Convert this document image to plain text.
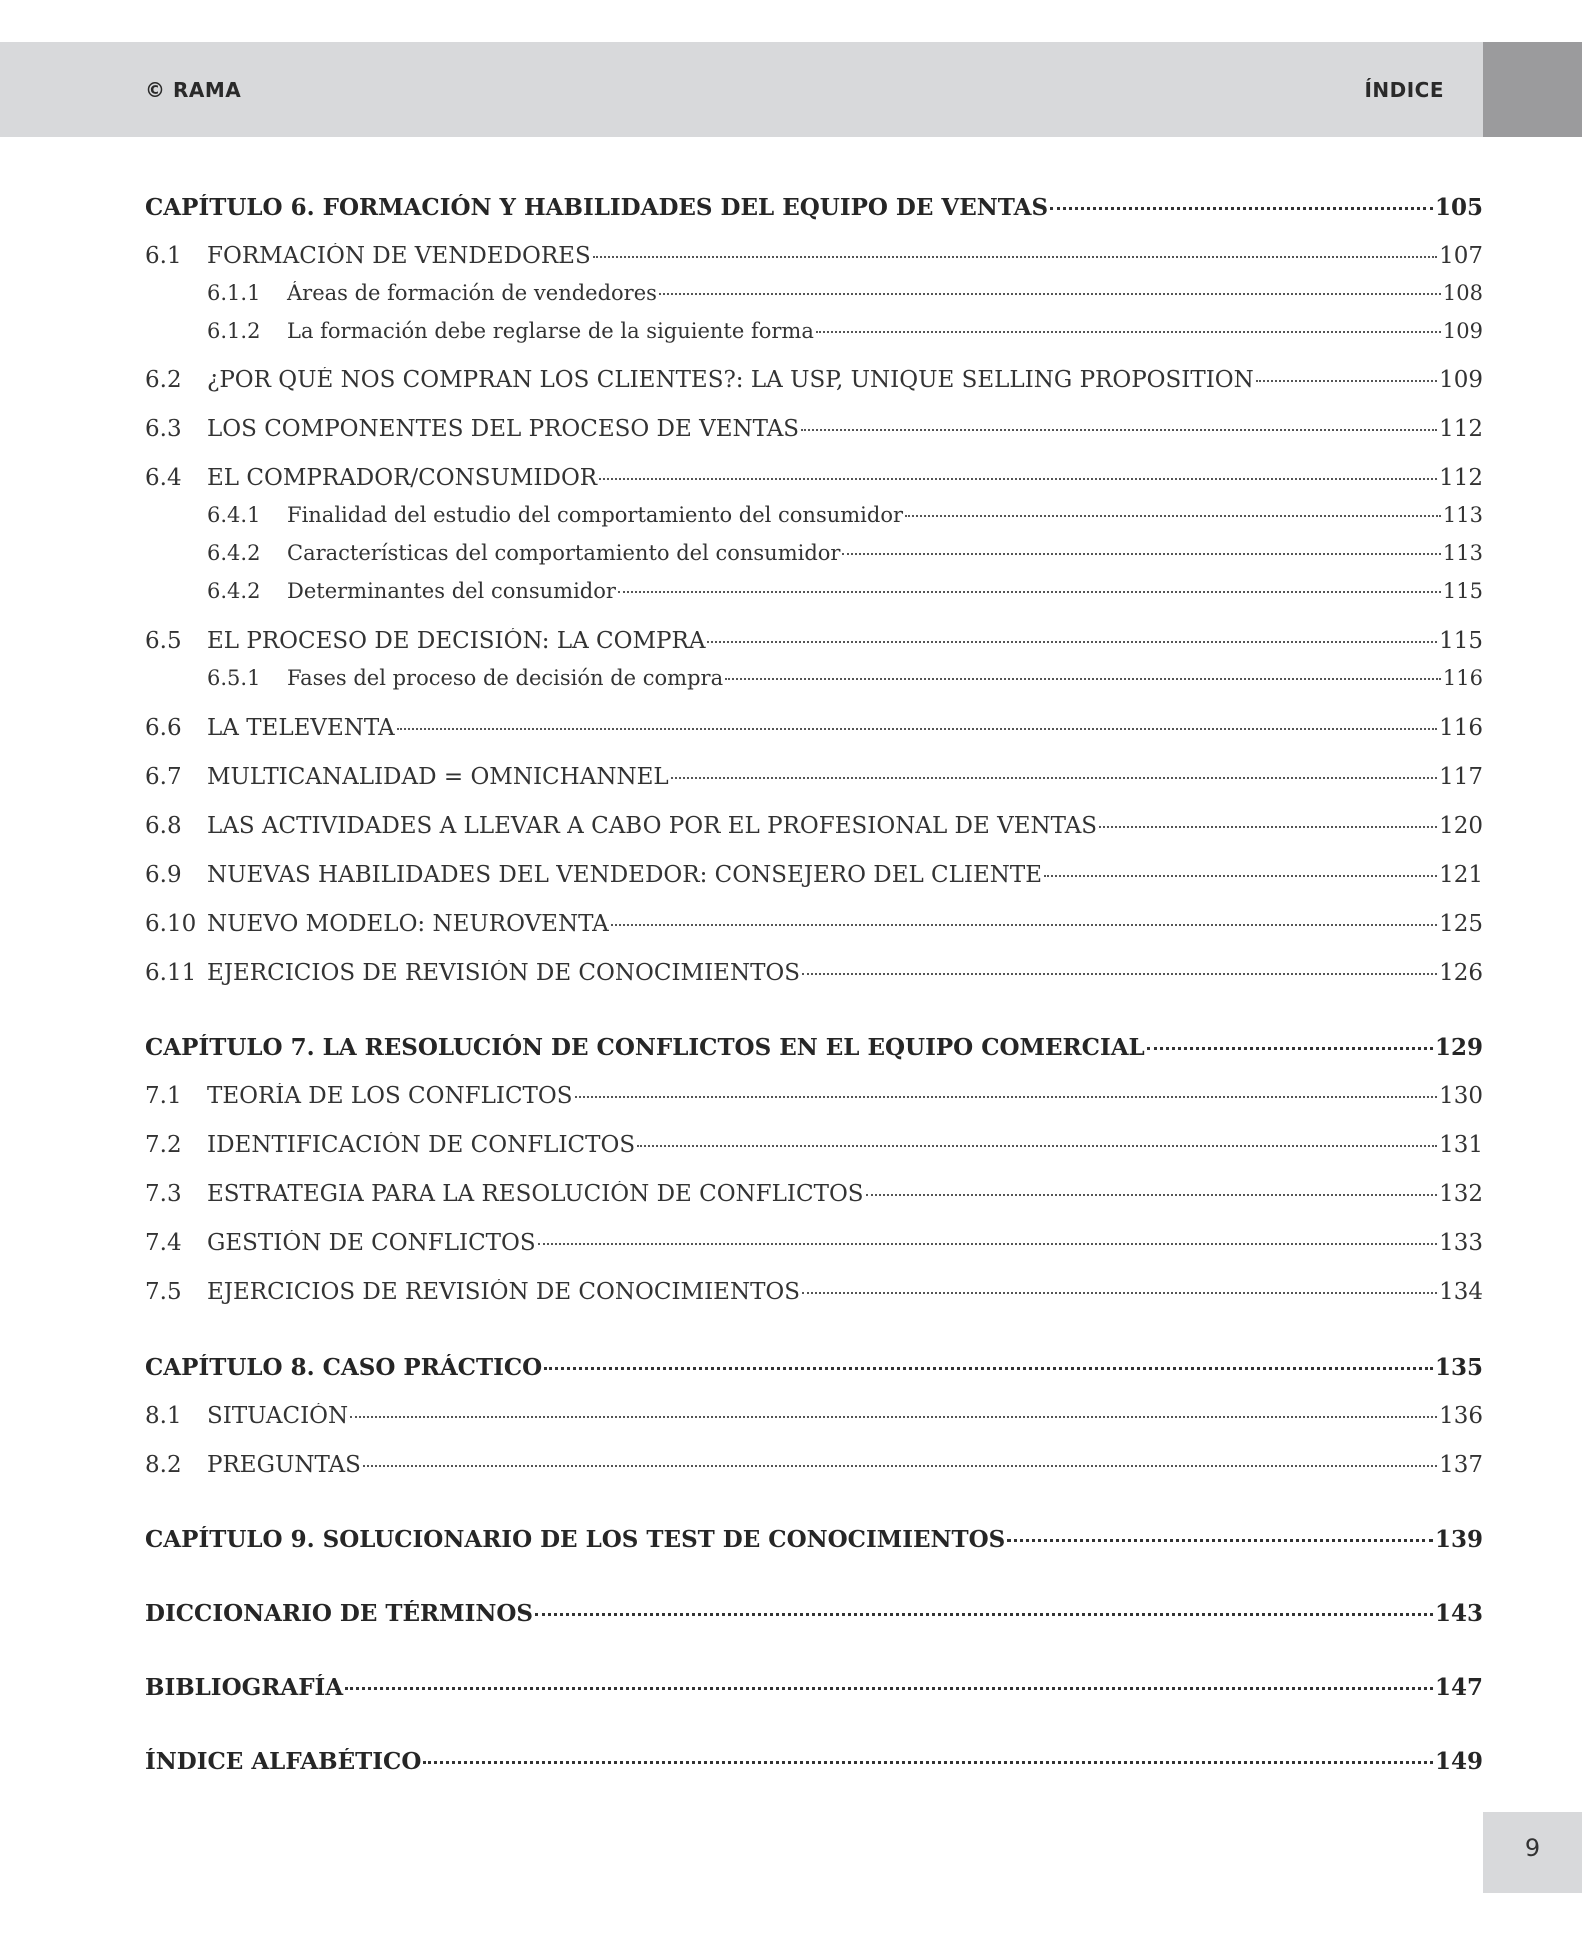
© RAMA	ÍNDICE
CAPÍTULO 6. FORMACIÓN Y HABILIDADES DEL EQUIPO DE VENTAS	105
6.1	FORMACIÓN DE VENDEDORES	107
6.1.1	Áreas de formación de vendedores	108
6.1.2	La formación debe reglarse de la siguiente forma	109
6.2	¿POR QUÉ NOS COMPRAN LOS CLIENTES?: LA USP, UNIQUE SELLING PROPOSITION	109
6.3	LOS COMPONENTES DEL PROCESO DE VENTAS	112
6.4	EL COMPRADOR/CONSUMIDOR	112
6.4.1	Finalidad del estudio del comportamiento del consumidor	113
6.4.2	Características del comportamiento del consumidor	113
6.4.2	Determinantes del consumidor	115
6.5	EL PROCESO DE DECISIÓN: LA COMPRA	115
6.5.1	Fases del proceso de decisión de compra	116
6.6	LA TELEVENTA	116
6.7	MULTICANALIDAD = OMNICHANNEL	117
6.8	LAS ACTIVIDADES A LLEVAR A CABO POR EL PROFESIONAL DE VENTAS	120
6.9	NUEVAS HABILIDADES DEL VENDEDOR: CONSEJERO DEL CLIENTE	121
6.10 NUEVO MODELO: NEUROVENTA	125
6.11 EJERCICIOS DE REVISIÓN DE CONOCIMIENTOS	126
CAPÍTULO 7. LA RESOLUCIÓN DE CONFLICTOS EN EL EQUIPO COMERCIAL	129
7.1	TEORÍA DE LOS CONFLICTOS	130
7.2	IDENTIFICACIÓN DE CONFLICTOS	131
7.3	ESTRATEGIA PARA LA RESOLUCIÓN DE CONFLICTOS	132
7.4	GESTIÓN DE CONFLICTOS	133
7.5	EJERCICIOS DE REVISIÓN DE CONOCIMIENTOS	134
CAPÍTULO 8. CASO PRÁCTICO	135
8.1	SITUACIÓN	136
8.2	PREGUNTAS	137
CAPÍTULO 9. SOLUCIONARIO DE LOS TEST DE CONOCIMIENTOS	139
DICCIONARIO DE TÉRMINOS	143
BIBLIOGRAFÍA	147
ÍNDICE ALFABÉTICO	149
9
